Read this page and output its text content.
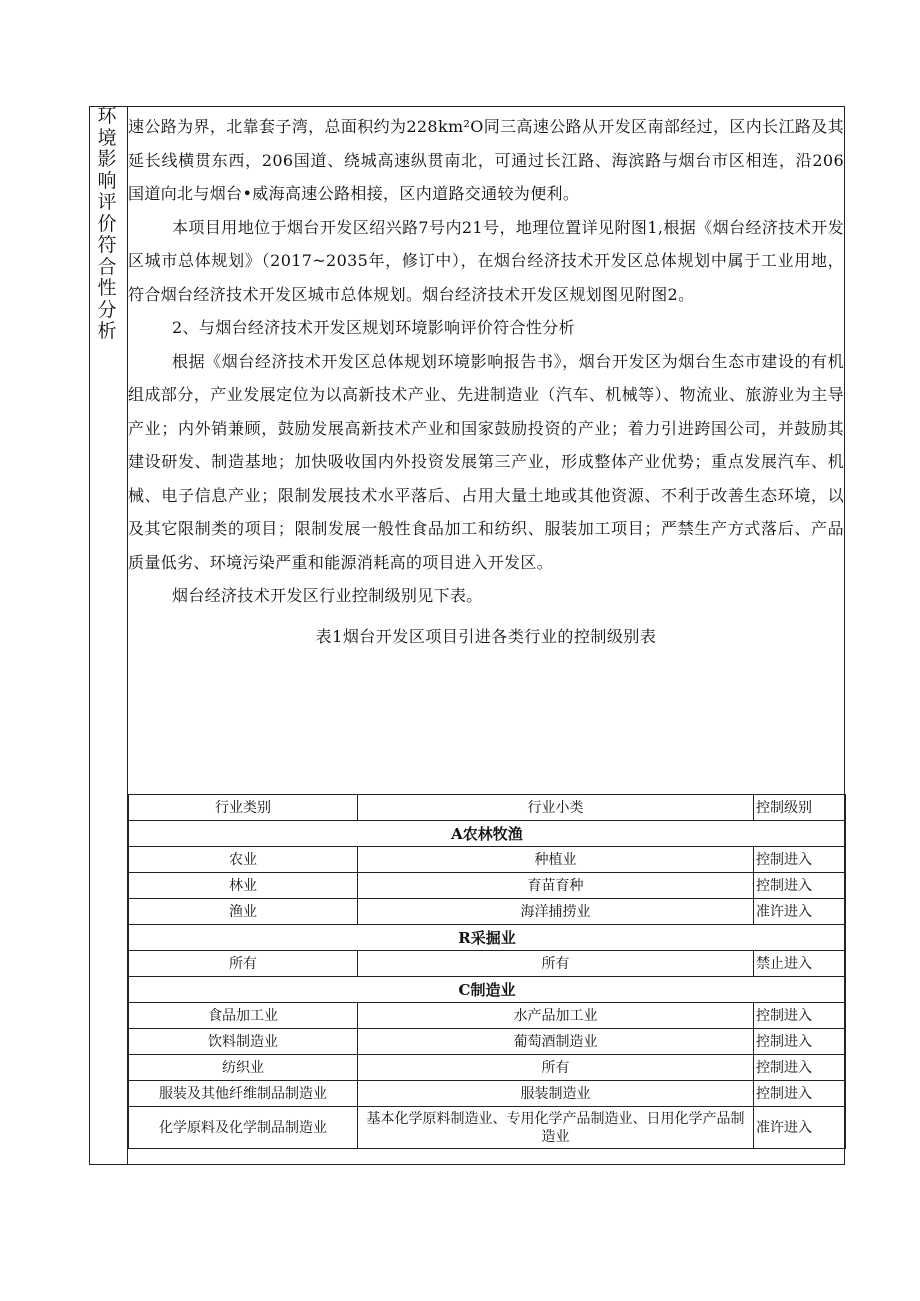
环
境
影
响
评
价
符
合
性
分
析

速公路为界，北靠套子湾，总面积约为228km²O同三高速公路从开发区南部经过，区内长江路及其延长线横贯东西，206国道、绕城高速纵贯南北，可通过长江路、海滨路与烟台市区相连，沿206国道向北与烟台•威海高速公路相接，区内道路交通较为便利。

本项目用地位于烟台开发区绍兴路7号内21号，地理位置详见附图1,根据《烟台经济技术开发区城市总体规划》（2017~2035年，修订中），在烟台经济技术开发区总体规划中属于工业用地，符合烟台经济技术开发区城市总体规划。烟台经济技术开发区规划图见附图2。

2、与烟台经济技术开发区规划环境影响评价符合性分析

根据《烟台经济技术开发区总体规划环境影响报告书》，烟台开发区为烟台生态市建设的有机组成部分，产业发展定位为以高新技术产业、先进制造业（汽车、机械等）、物流业、旅游业为主导产业；内外销兼顾，鼓励发展高新技术产业和国家鼓励投资的产业；着力引进跨国公司，并鼓励其建设研发、制造基地；加快吸收国内外投资发展第三产业，形成整体产业优势；重点发展汽车、机械、电子信息产业；限制发展技术水平落后、占用大量土地或其他资源、不利于改善生态环境，以及其它限制类的项目；限制发展一般性食品加工和纺织、服装加工项目；严禁生产方式落后、产品质量低劣、环境污染严重和能源消耗高的项目进入开发区。

烟台经济技术开发区行业控制级别见下表。

表1烟台开发区项目引进各类行业的控制级别表

行业类别	行业小类	控制级别
A农林牧渔		
农业	种植业	控制进入
林业	育苗育种	控制进入
渔业	海洋捕捞业	准许进入
R采掘业		
所有	所有	禁止进入
C制造业		
食品加工业	水产品加工业	控制进入
饮料制造业	葡萄酒制造业	控制进入
纺织业	所有	控制进入
服装及其他纤维制品制造业	服装制造业	控制进入
化学原料及化学制品制造业	基本化学原料制造业、专用化学产品制造业、日用化学产品制造业	准许进入
